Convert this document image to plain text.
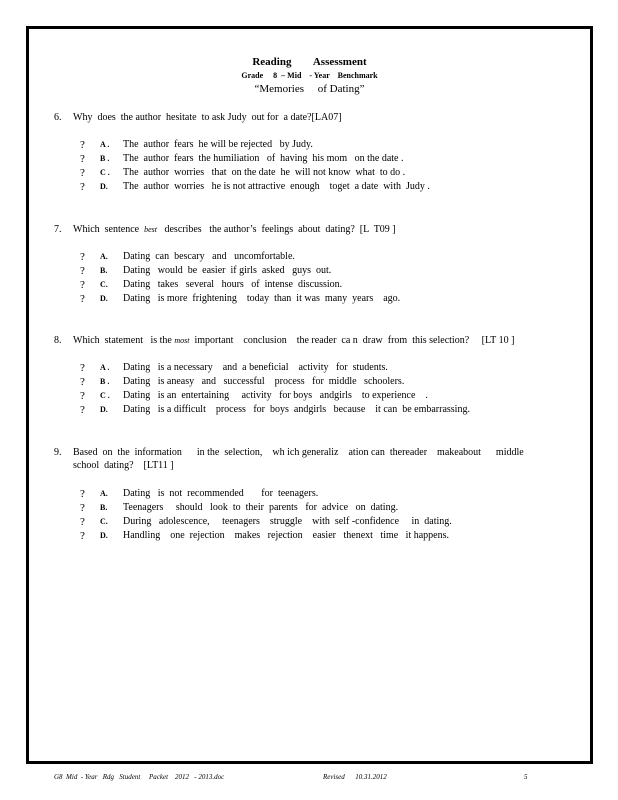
Reading        Assessment
Grade     8  – Mid    - Year    Benchmark
“Memories     of Dating”
6. Why  does  the author  hesitate  to ask Judy  out for  a date?[LA07]
? A . The  author  fears  he will be rejected   by Judy.
? B . The  author  fears  the humiliation   of  having  his mom   on the date .
? C . The  author  worries   that  on the date  he  will not know  what  to do .
? D. The  author  worries   he is not attractive  enough    toget  a date  with  Judy .
7. Which  sentence  best   describes   the author’s  feelings  about  dating?  [L  T09 ]
? A. Dating  can  bescary   and   uncomfortable.
? B. Dating   would  be  easier  if girls  asked   guys  out.
? C. Dating   takes   several   hours   of  intense  discussion.
? D. Dating   is more  frightening    today  than  it was  many  years    ago.
8. Which  statement   is the most  important    conclusion    the reader  ca n  draw  from  this selection?     [LT 10 ]
? A . Dating   is a necessary    and  a beneficial    activity   for  students.
? B . Dating   is aneasy   and   successful    process   for  middle   schoolers.
? C . Dating   is an  entertaining     activity   for boys   andgirls    to experience    .
? D. Dating   is a difficult    process   for  boys  andgirls   because    it can  be embarrassing.
9. Based  on  the  information      in the  selection,    wh ich generaliz    ation can  thereader    makeabout      middle school  dating?    [LT11 ]
? A. Dating   is  not  recommended       for  teenagers.
? B. Teenagers     should   look  to  their  parents   for  advice   on  dating.
? C. During   adolescence,     teenagers    struggle    with  self -confidence     in  dating.
? D. Handling    one  rejection    makes   rejection    easier   thenext   time   it happens.
G8  Mid  - Year   Rdg   Student     Packet    2012   - 2013.doc	Revised      10.31.2012	5
